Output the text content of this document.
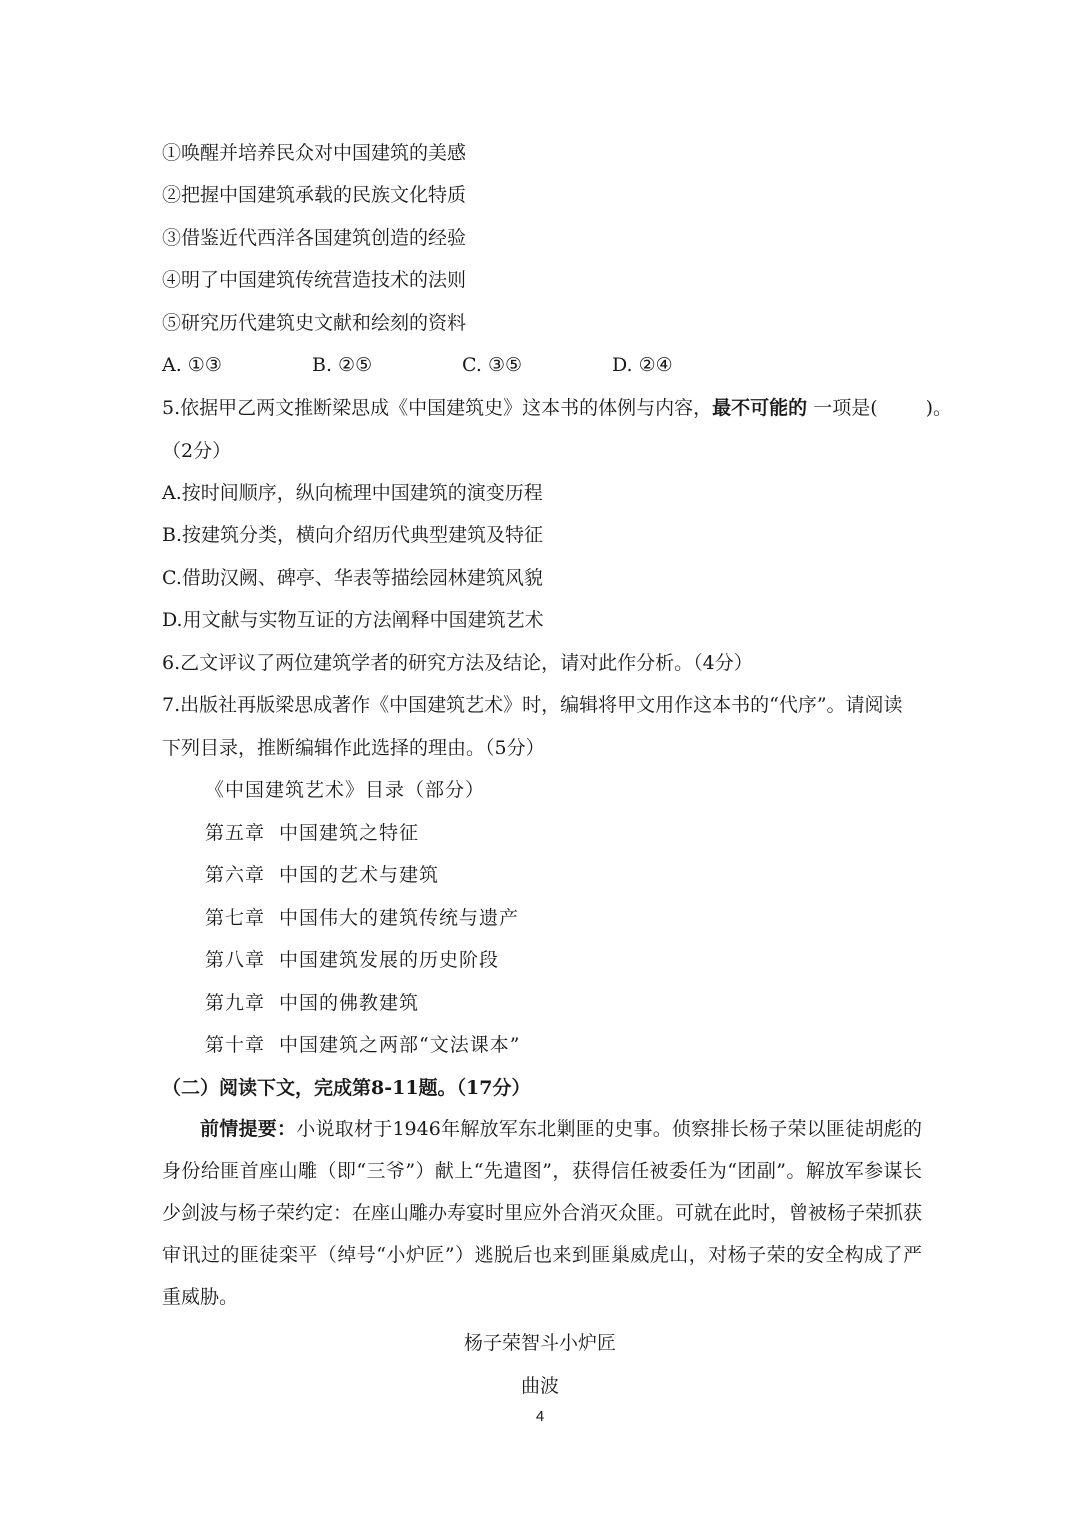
①唤醒并培养民众对中国建筑的美感
②把握中国建筑承载的民族文化特质
③借鉴近代西洋各国建筑创造的经验
④明了中国建筑传统营造技术的法则
⑤研究历代建筑史文献和绘刻的资料
A. ①③	B. ②⑤	C. ③⑤	D. ②④
5.依据甲乙两文推断梁思成《中国建筑史》这本书的体例与内容，最不可能的 一项是(	)。
（2分）
A.按时间顺序，纵向梳理中国建筑的演变历程
B.按建筑分类，横向介绍历代典型建筑及特征
C.借助汉阙、碑亭、华表等描绘园林建筑风貌
D.用文献与实物互证的方法阐释中国建筑艺术
6.乙文评议了两位建筑学者的研究方法及结论，请对此作分析。（4分）
7.出版社再版梁思成著作《中国建筑艺术》时，编辑将甲文用作这本书的“代序”。请阅读
下列目录，推断编辑作此选择的理由。（5分）
《中国建筑艺术》目录（部分）
第五章 中国建筑之特征
第六章 中国的艺术与建筑
第七章 中国伟大的建筑传统与遗产
第八章 中国建筑发展的历史阶段
第九章 中国的佛教建筑
第十章 中国建筑之两部“文法课本”
（二）阅读下文，完成第8-11题。（17分）
前情提要：小说取材于1946年解放军东北剿匪的史事。侦察排长杨子荣以匪徒胡彪的身份给匪首座山雕（即“三爷”）献上“先遣图”，获得信任被委任为“团副”。解放军参谋长少剑波与杨子荣约定：在座山雕办寿宴时里应外合消灭众匪。可就在此时，曾被杨子荣抓获审讯过的匪徒栾平（绰号“小炉匠”）逃脱后也来到匪巢威虎山，对杨子荣的安全构成了严重威胁。
杨子荣智斗小炉匠
曲波
4
